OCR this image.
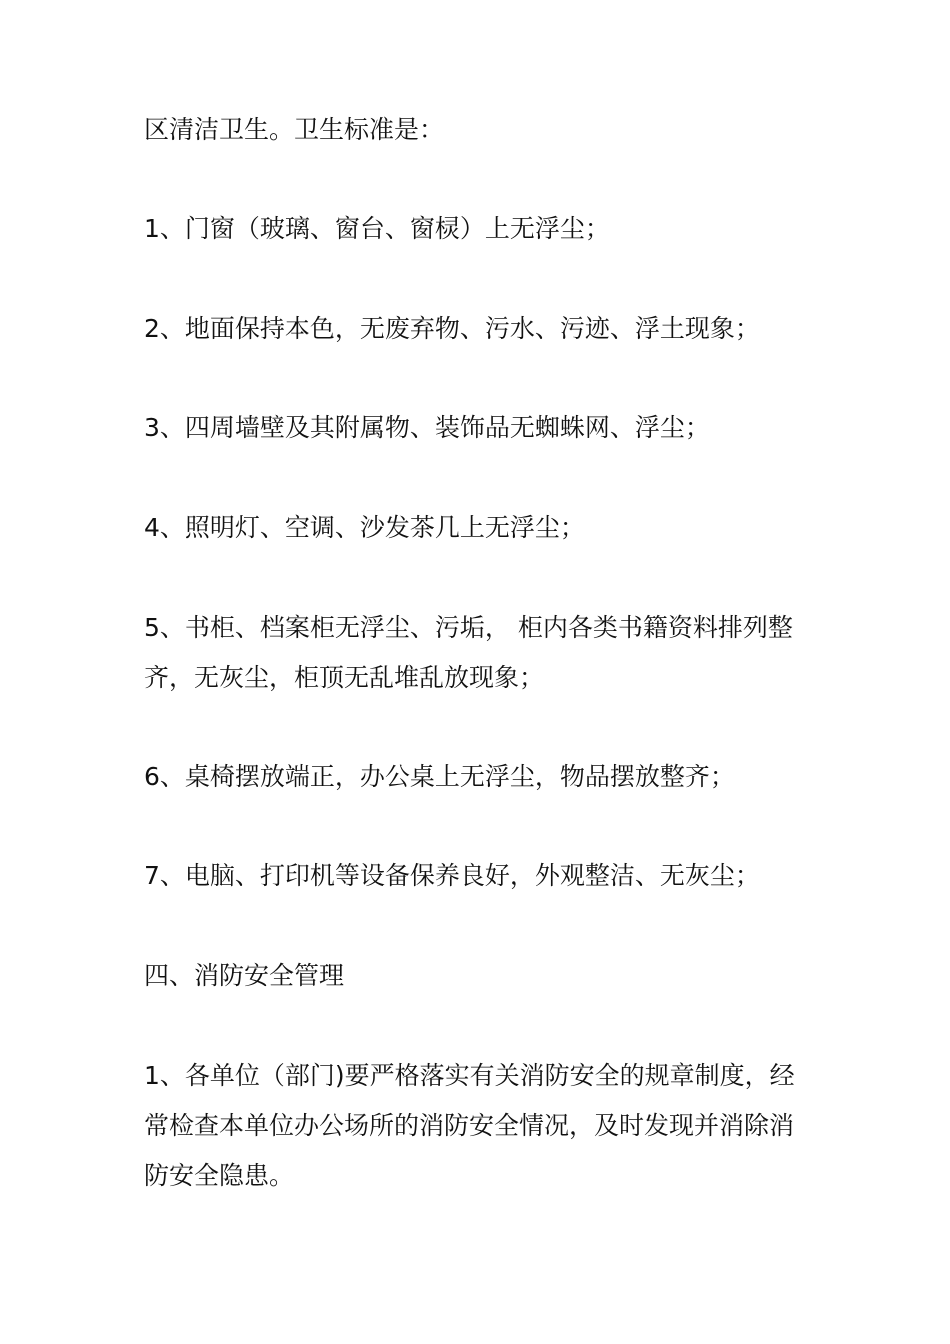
区清洁卫生。卫生标准是：

1、门窗（玻璃、窗台、窗棂）上无浮尘；

2、地面保持本色，无废弃物、污水、污迹、浮土现象；

3、四周墙壁及其附属物、装饰品无蜘蛛网、浮尘；

4、照明灯、空调、沙发茶几上无浮尘；

5、书柜、档案柜无浮尘、污垢， 柜内各类书籍资料排列整齐，无灰尘，柜顶无乱堆乱放现象；

6、桌椅摆放端正，办公桌上无浮尘，物品摆放整齐；

7、电脑、打印机等设备保养良好，外观整洁、无灰尘；

四、消防安全管理

1、各单位（部门)要严格落实有关消防安全的规章制度，经常检查本单位办公场所的消防安全情况，及时发现并消除消防安全隐患。
